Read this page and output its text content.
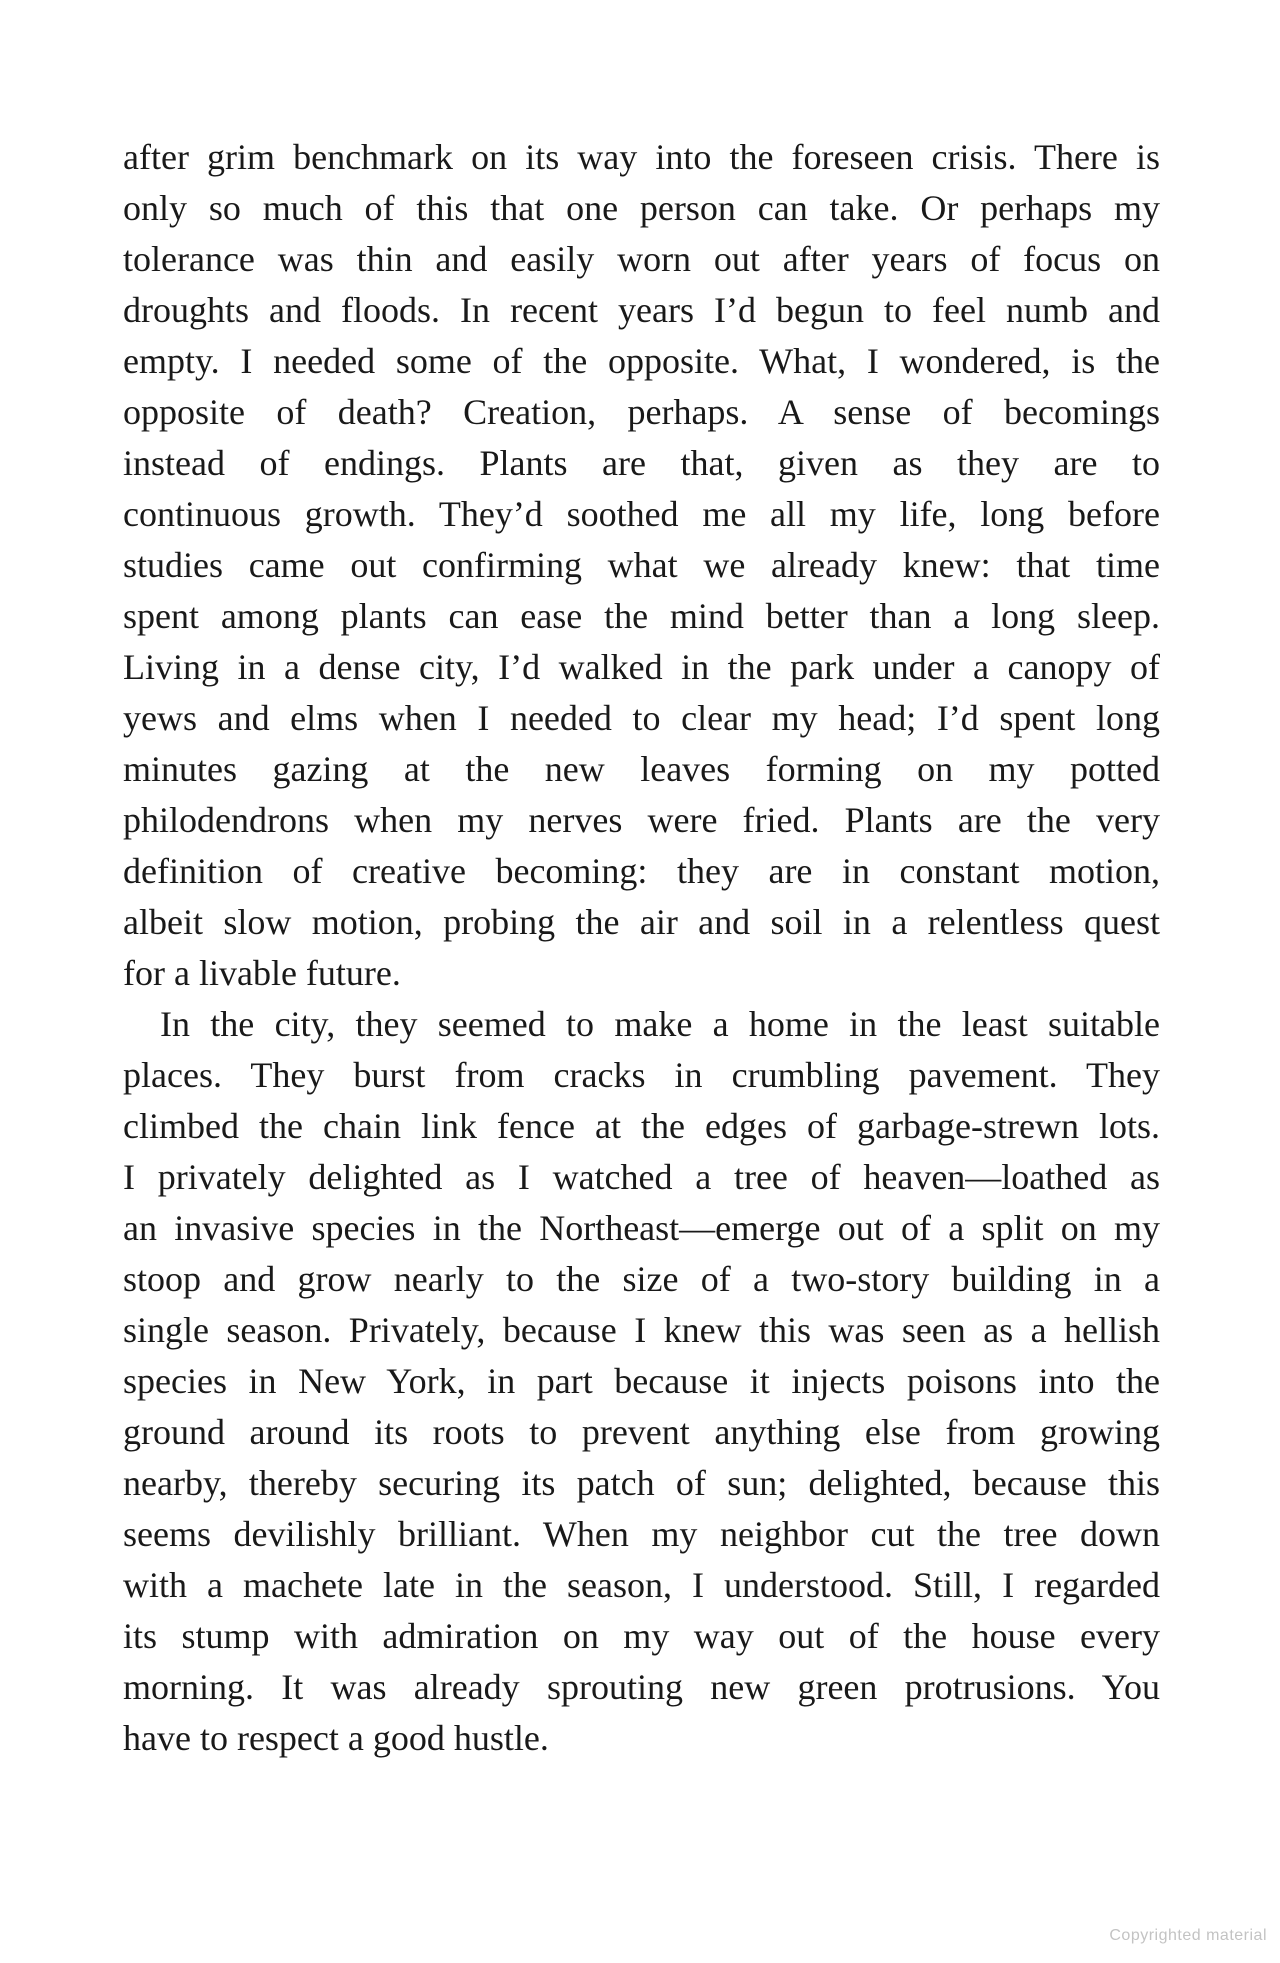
after grim benchmark on its way into the foreseen crisis. There is
only so much of this that one person can take. Or perhaps my
tolerance was thin and easily worn out after years of focus on
droughts and floods. In recent years I’d begun to feel numb and
empty. I needed some of the opposite. What, I wondered, is the
opposite of death? Creation, perhaps. A sense of becomings
instead of endings. Plants are that, given as they are to
continuous growth. They’d soothed me all my life, long before
studies came out confirming what we already knew: that time
spent among plants can ease the mind better than a long sleep.
Living in a dense city, I’d walked in the park under a canopy of
yews and elms when I needed to clear my head; I’d spent long
minutes gazing at the new leaves forming on my potted
philodendrons when my nerves were fried. Plants are the very
definition of creative becoming: they are in constant motion,
albeit slow motion, probing the air and soil in a relentless quest
for a livable future.
In the city, they seemed to make a home in the least suitable
places. They burst from cracks in crumbling pavement. They
climbed the chain link fence at the edges of garbage-strewn lots.
I privately delighted as I watched a tree of heaven—loathed as
an invasive species in the Northeast—emerge out of a split on my
stoop and grow nearly to the size of a two-story building in a
single season. Privately, because I knew this was seen as a hellish
species in New York, in part because it injects poisons into the
ground around its roots to prevent anything else from growing
nearby, thereby securing its patch of sun; delighted, because this
seems devilishly brilliant. When my neighbor cut the tree down
with a machete late in the season, I understood. Still, I regarded
its stump with admiration on my way out of the house every
morning. It was already sprouting new green protrusions. You
have to respect a good hustle.
Copyrighted material
